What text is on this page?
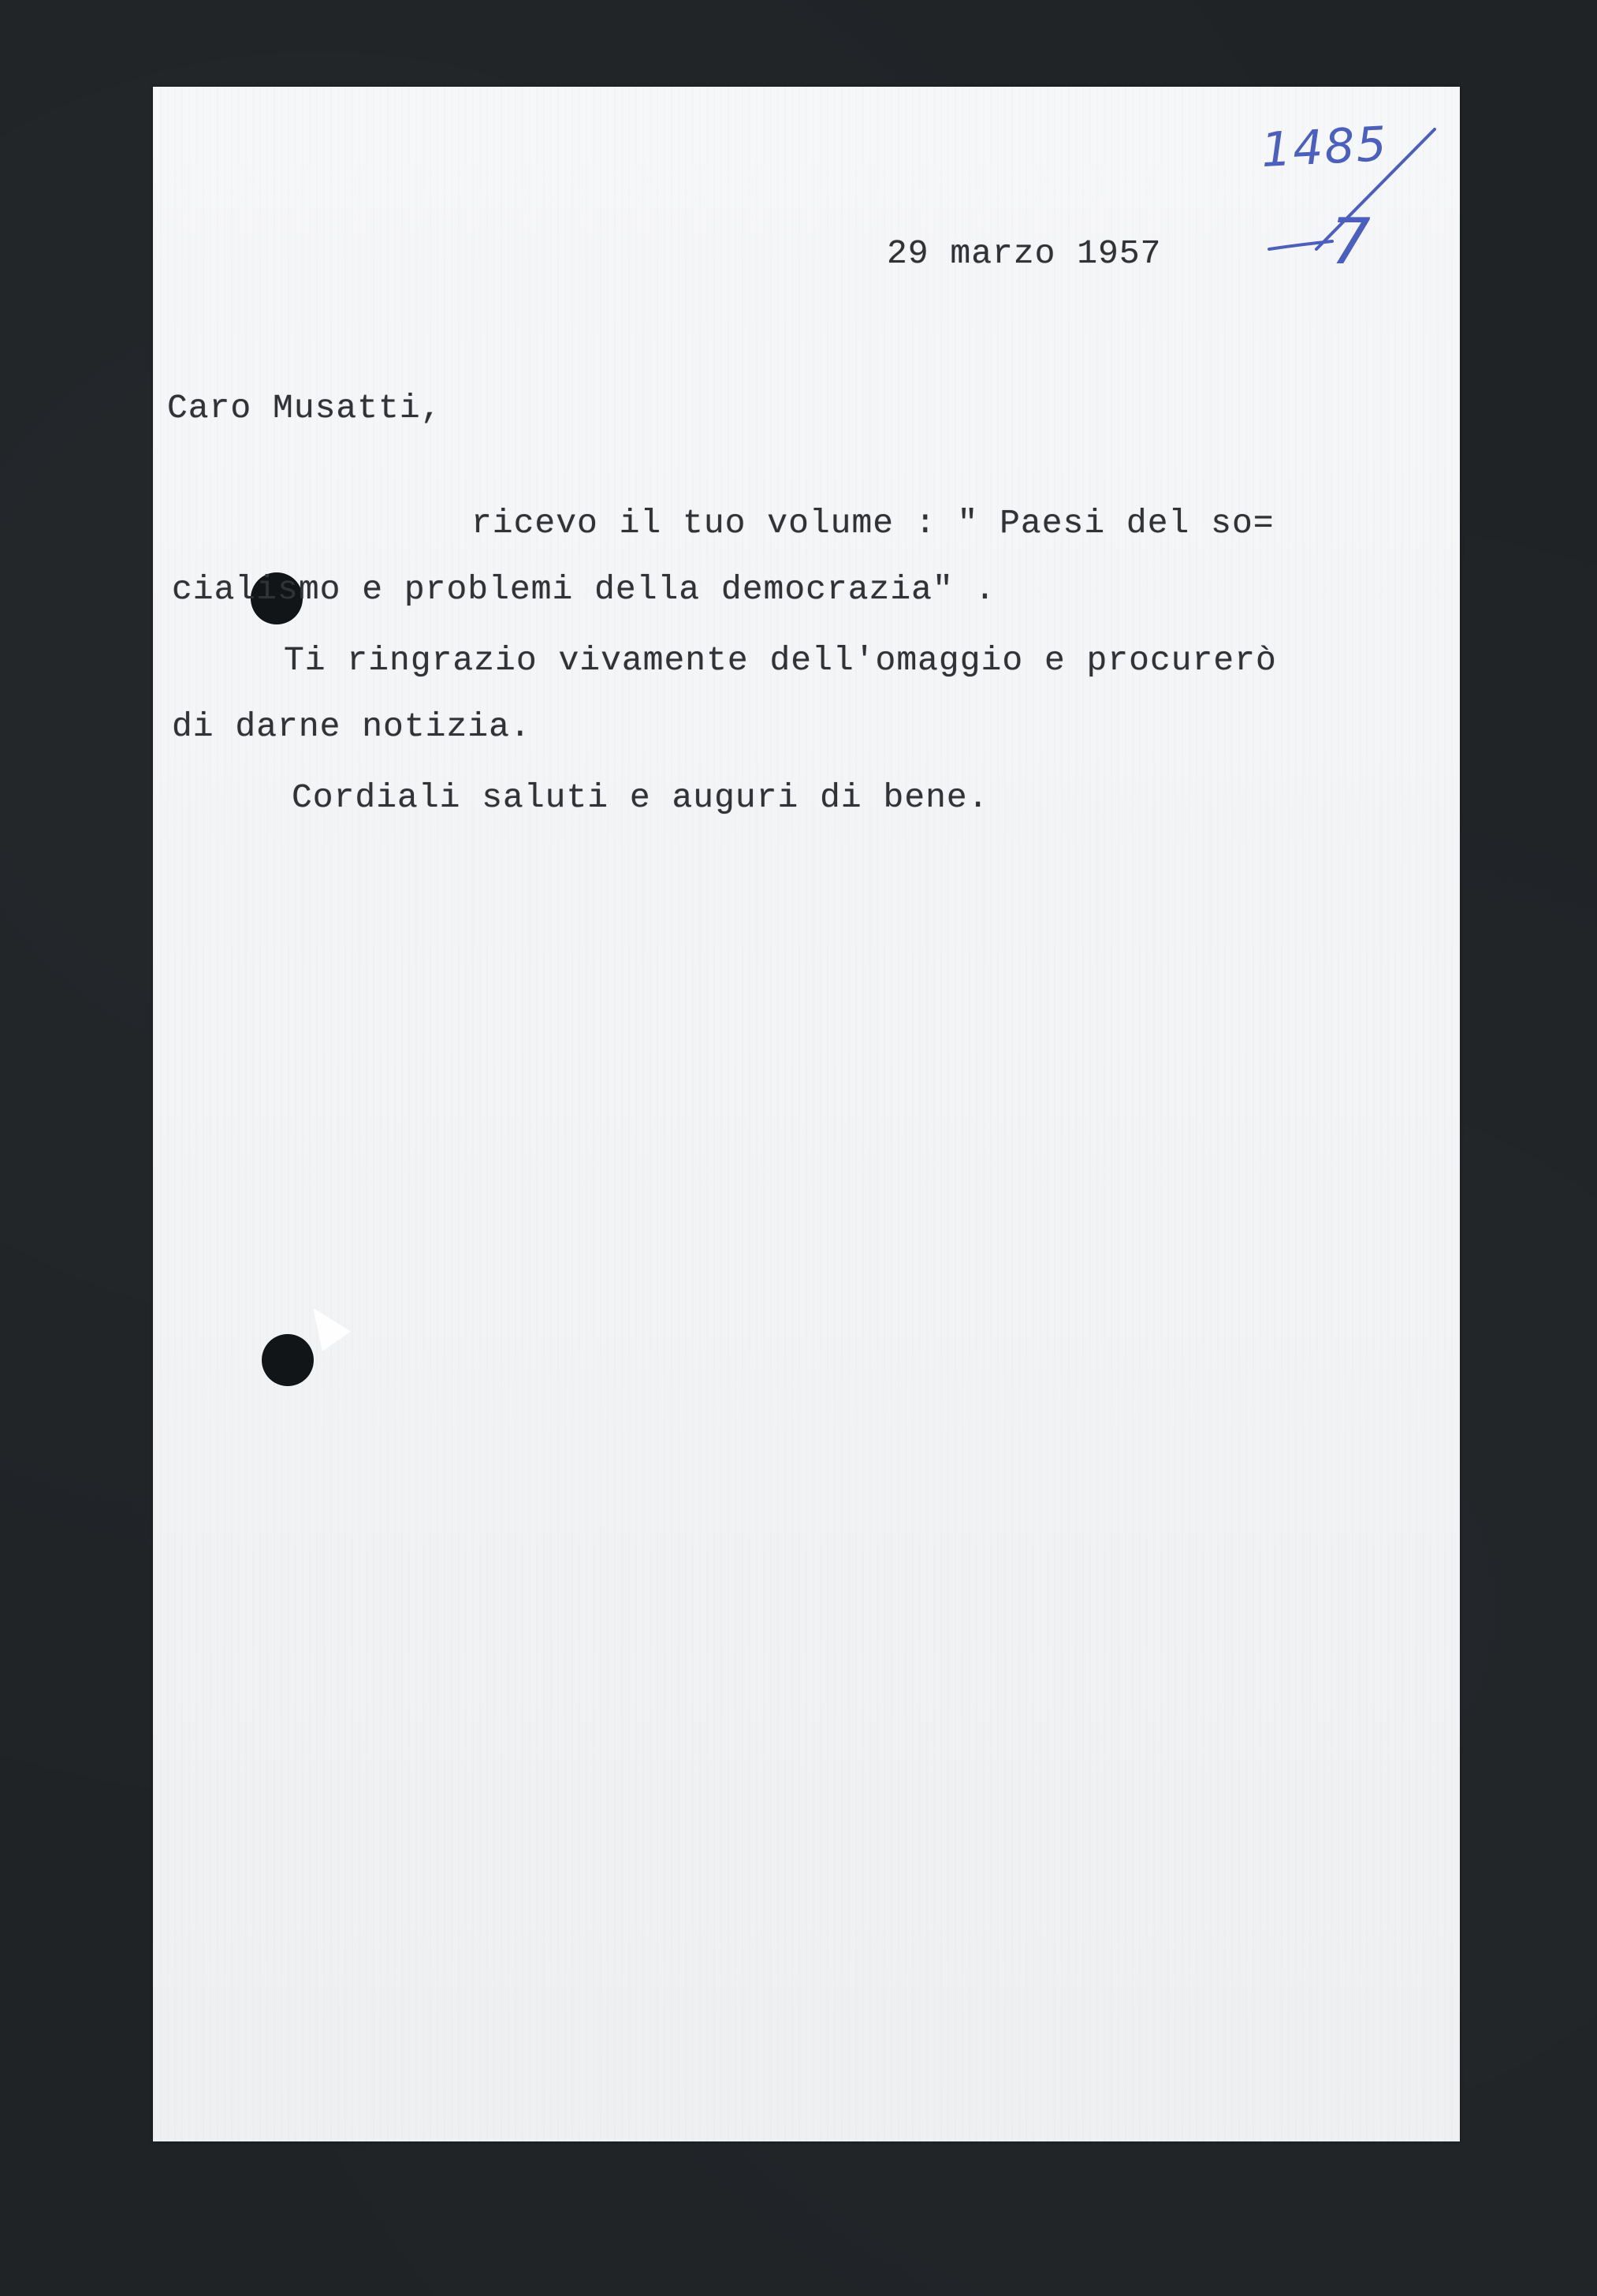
1485
7
29 marzo 1957
Caro Musatti,
ricevo il tuo volume : " Paesi del so=
cialismo e problemi della democrazia" .
Ti ringrazio vivamente dell'omaggio e procurerò
di darne notizia.
Cordiali saluti e auguri di bene.
